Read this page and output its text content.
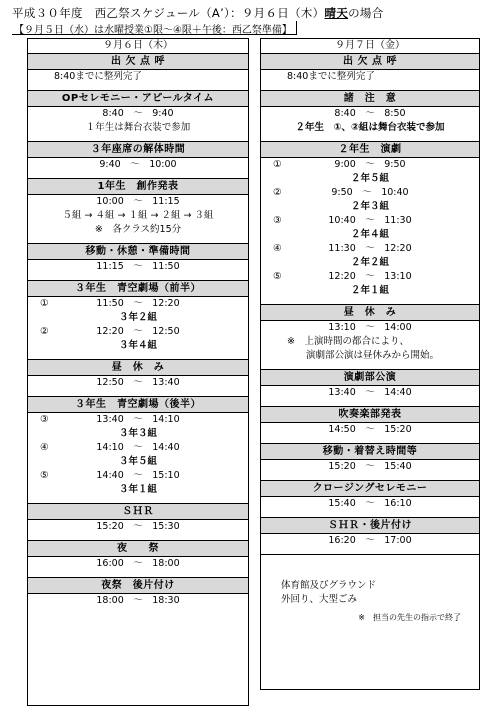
平成３０年度　西乙祭スケジュール（A’）：９月６日（木）晴天の場合
【９月５日（水）は水曜授業①限～④限＋午後：西乙祭準備】
９月６日（木）
出 欠 点 呼
8:40までに整列完了
OPセレモニー・アピールタイム
8:40　～　9:40
１年生は舞台衣装で参加
３年座席の解体時間
9:40　～　10:00
1年生　創作発表
10:00　～　11:15
５組 → ４組 → １組 → ２組 → ３組
※　各クラス約15分
移動・休憩・準備時間
11:15　～　11:50
３年生　青空劇場（前半）
①	11:50　～　12:20
３年２組
②	12:20　～　12:50
３年４組
昼　休　み
12:50　～　13:40
３年生　青空劇場（後半）
③	13:40　～　14:10
３年３組
④	14:10　～　14:40
３年５組
⑤	14:40　～　15:10
３年１組
ＳＨＲ
15:20　～　15:30
夜　　祭
16:00　～　18:00
夜祭　後片付け
18:00　～　18:30
９月７日（金）
出 欠 点 呼
8:40までに整列完了
諸　注　意
8:40　～　8:50
２年生　①、②組は舞台衣装で参加
２年生　演劇
①	9:00　～　9:50
２年５組
②	9:50　～　10:40
２年３組
③	10:40　～　11:30
２年４組
④	11:30　～　12:20
２年２組
⑤	12:20　～　13:10
２年１組
昼　休　み
13:10　～　14:00
※　上演時間の都合により、
　　演劇部公演は昼休みから開始。
演劇部公演
13:40　～　14:40
吹奏楽部発表
14:50　～　15:20
移動・着替え時間等
15:20　～　15:40
クロージングセレモニー
15:40　～　16:10
ＳＨＲ・後片付け
16:20　～　17:00
体育館及びグラウンド
外回り、大型ごみ
※　担当の先生の指示で終了
